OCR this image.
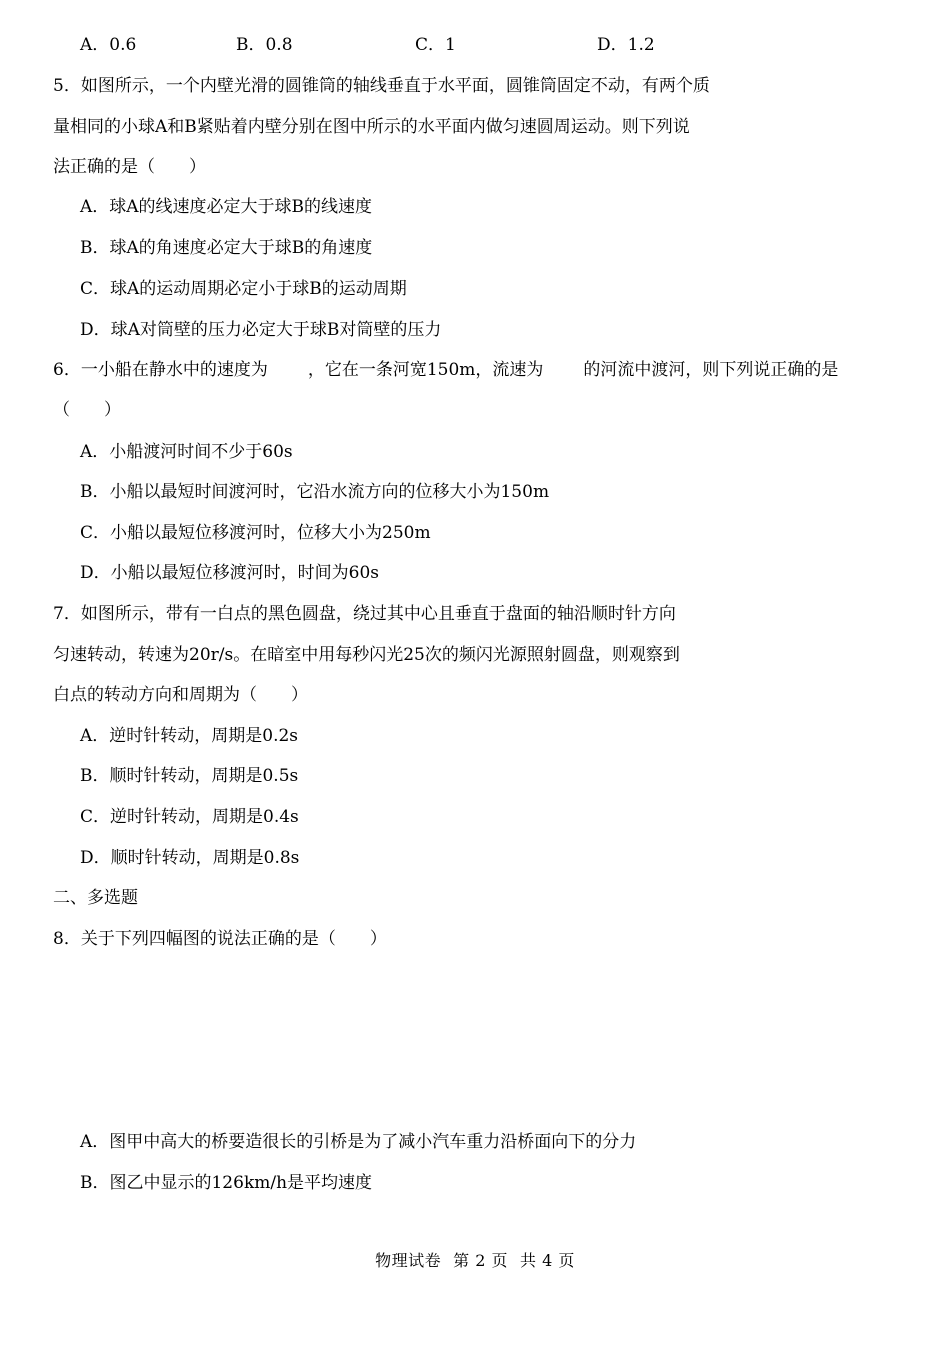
A．0.6	B．0.8	C．1	D．1.2
5．如图所示，一个内壁光滑的圆锥筒的轴线垂直于水平面，圆锥筒固定不动，有两个质
量相同的小球A和B紧贴着内壁分别在图中所示的水平面内做匀速圆周运动。则下列说
法正确的是（　　）
A．球A的线速度必定大于球B的线速度
B．球A的角速度必定大于球B的角速度
C．球A的运动周期必定小于球B的运动周期
D．球A对筒壁的压力必定大于球B对筒壁的压力
6．一小船在静水中的速度为 ，它在一条河宽150m，流速为 的河流中渡河，则下列说正确的是
（　　）
A．小船渡河时间不少于60s
B．小船以最短时间渡河时，它沿水流方向的位移大小为150m
C．小船以最短位移渡河时，位移大小为250m
D．小船以最短位移渡河时，时间为60s
7．如图所示，带有一白点的黑色圆盘，绕过其中心且垂直于盘面的轴沿顺时针方向
匀速转动，转速为20r/s。在暗室中用每秒闪光25次的频闪光源照射圆盘，则观察到
白点的转动方向和周期为（　　）
A．逆时针转动，周期是0.2s
B．顺时针转动，周期是0.5s
C．逆时针转动，周期是0.4s
D．顺时针转动，周期是0.8s
二、多选题
8．关于下列四幅图的说法正确的是（　　）
A．图甲中高大的桥要造很长的引桥是为了减小汽车重力沿桥面向下的分力
B．图乙中显示的126km/h是平均速度
物理试卷 第 2 页 共 4 页
